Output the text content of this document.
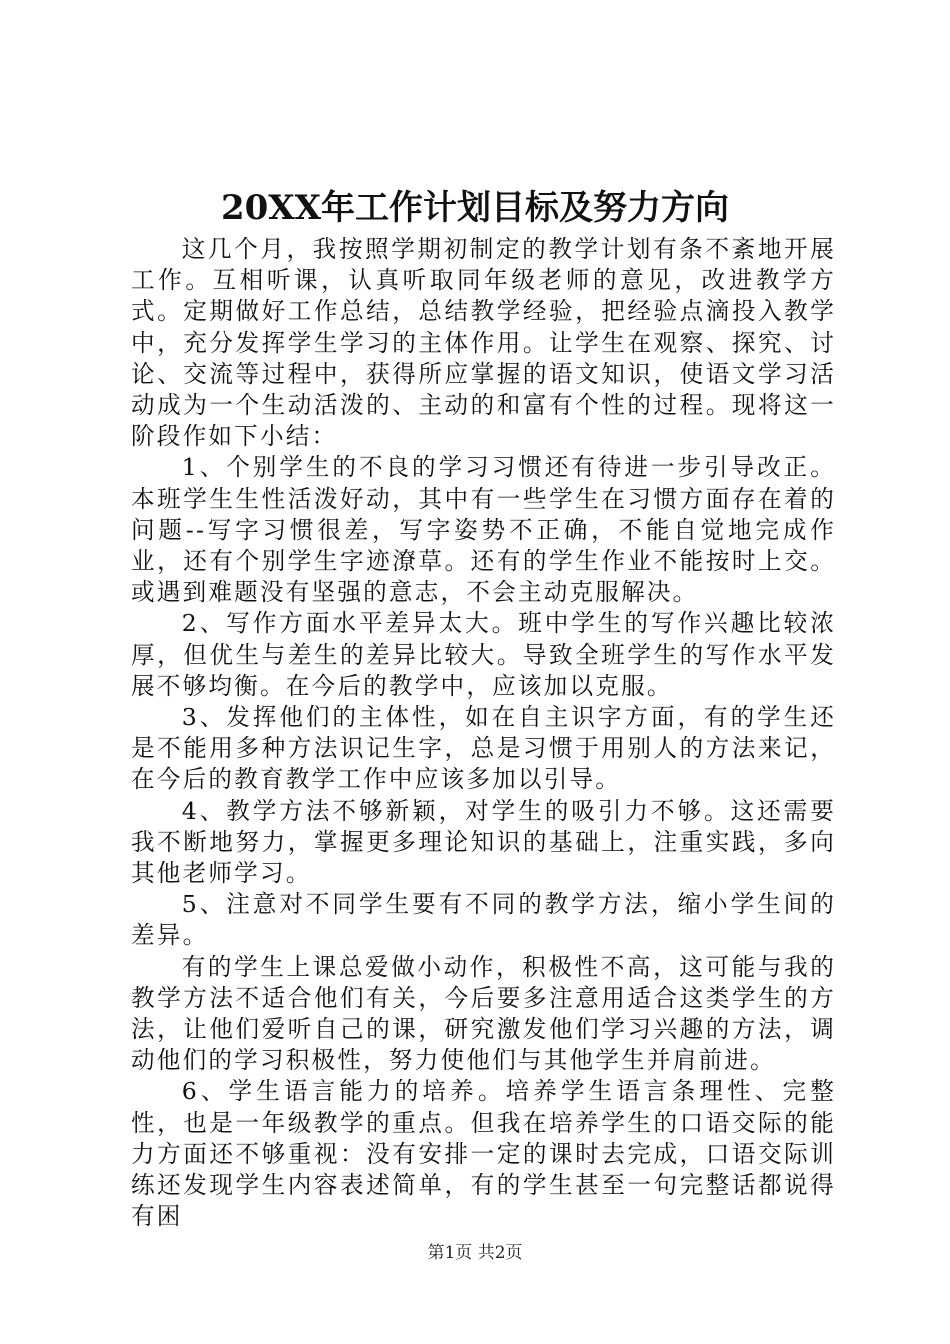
20XX年工作计划目标及努力方向

这几个月，我按照学期初制定的教学计划有条不紊地开展工作。互相听课，认真听取同年级老师的意见，改进教学方式。定期做好工作总结，总结教学经验，把经验点滴投入教学中，充分发挥学生学习的主体作用。让学生在观察、探究、讨论、交流等过程中，获得所应掌握的语文知识，使语文学习活动成为一个生动活泼的、主动的和富有个性的过程。现将这一阶段作如下小结：

1、个别学生的不良的学习习惯还有待进一步引导改正。本班学生生性活泼好动，其中有一些学生在习惯方面存在着的问题--写字习惯很差，写字姿势不正确，不能自觉地完成作业，还有个别学生字迹潦草。还有的学生作业不能按时上交。或遇到难题没有坚强的意志，不会主动克服解决。

2、写作方面水平差异太大。班中学生的写作兴趣比较浓厚，但优生与差生的差异比较大。导致全班学生的写作水平发展不够均衡。在今后的教学中，应该加以克服。

3、发挥他们的主体性，如在自主识字方面，有的学生还是不能用多种方法识记生字，总是习惯于用别人的方法来记，在今后的教育教学工作中应该多加以引导。

4、教学方法不够新颖，对学生的吸引力不够。这还需要我不断地努力，掌握更多理论知识的基础上，注重实践，多向其他老师学习。

5、注意对不同学生要有不同的教学方法，缩小学生间的差异。

有的学生上课总爱做小动作，积极性不高，这可能与我的教学方法不适合他们有关，今后要多注意用适合这类学生的方法，让他们爱听自己的课，研究激发他们学习兴趣的方法，调动他们的学习积极性，努力使他们与其他学生并肩前进。

6、学生语言能力的培养。培养学生语言条理性、完整性，也是一年级教学的重点。但我在培养学生的口语交际的能力方面还不够重视：没有安排一定的课时去完成，口语交际训练还发现学生内容表述简单，有的学生甚至一句完整话都说得有困

第1页 共2页
